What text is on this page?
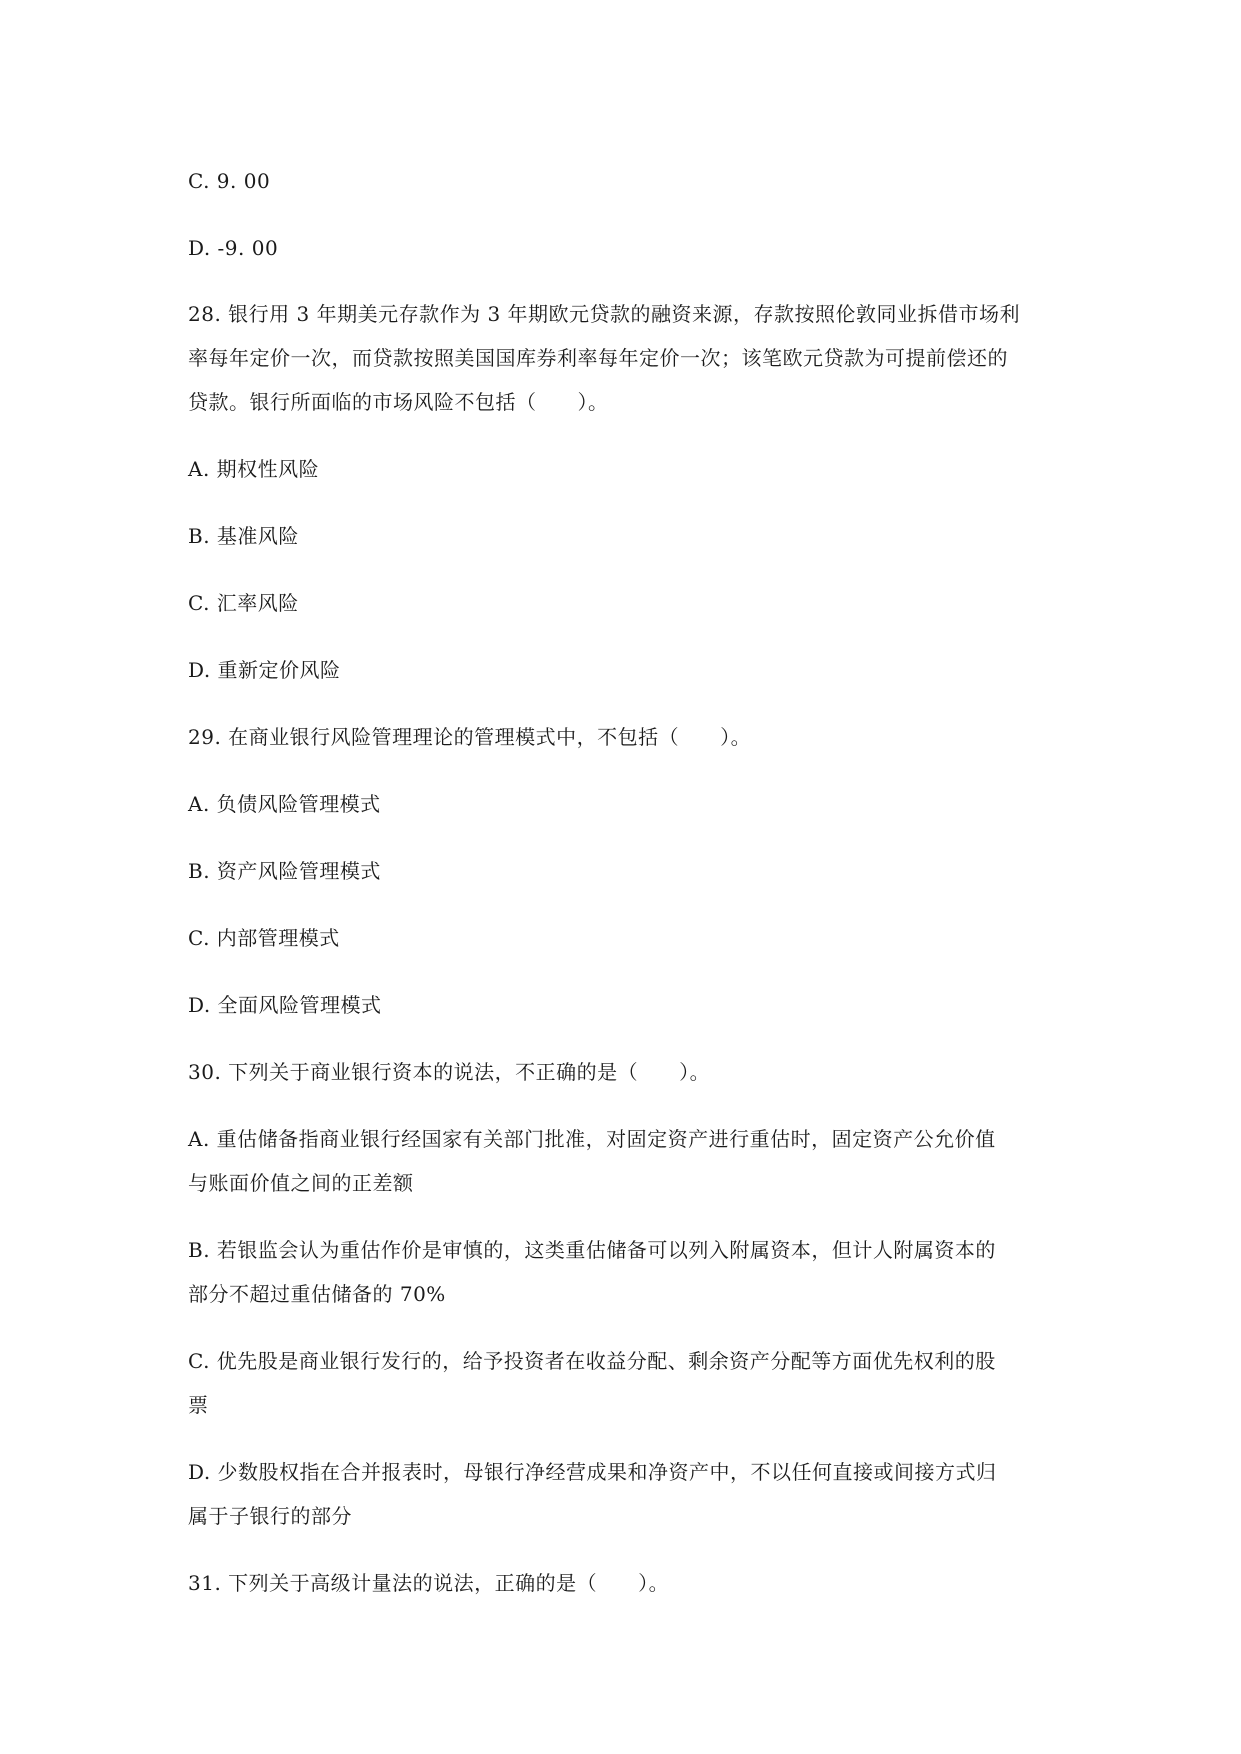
C. 9. 00
D. -9. 00
28. 银行用 3 年期美元存款作为 3 年期欧元贷款的融资来源，存款按照伦敦同业拆借市场利
率每年定价一次，而贷款按照美国国库券利率每年定价一次；该笔欧元贷款为可提前偿还的
贷款。银行所面临的市场风险不包括（　　）。
A. 期权性风险
B. 基准风险
C. 汇率风险
D. 重新定价风险
29. 在商业银行风险管理理论的管理模式中，不包括（　　）。
A. 负债风险管理模式
B. 资产风险管理模式
C. 内部管理模式
D. 全面风险管理模式
30. 下列关于商业银行资本的说法，不正确的是（　　）。
A. 重估储备指商业银行经国家有关部门批准，对固定资产进行重估时，固定资产公允价值
与账面价值之间的正差额
B. 若银监会认为重估作价是审慎的，这类重估储备可以列入附属资本，但计人附属资本的
部分不超过重估储备的 70%
C. 优先股是商业银行发行的，给予投资者在收益分配、剩余资产分配等方面优先权利的股
票
D. 少数股权指在合并报表时，母银行净经营成果和净资产中，不以任何直接或间接方式归
属于子银行的部分
31. 下列关于高级计量法的说法，正确的是（　　）。
